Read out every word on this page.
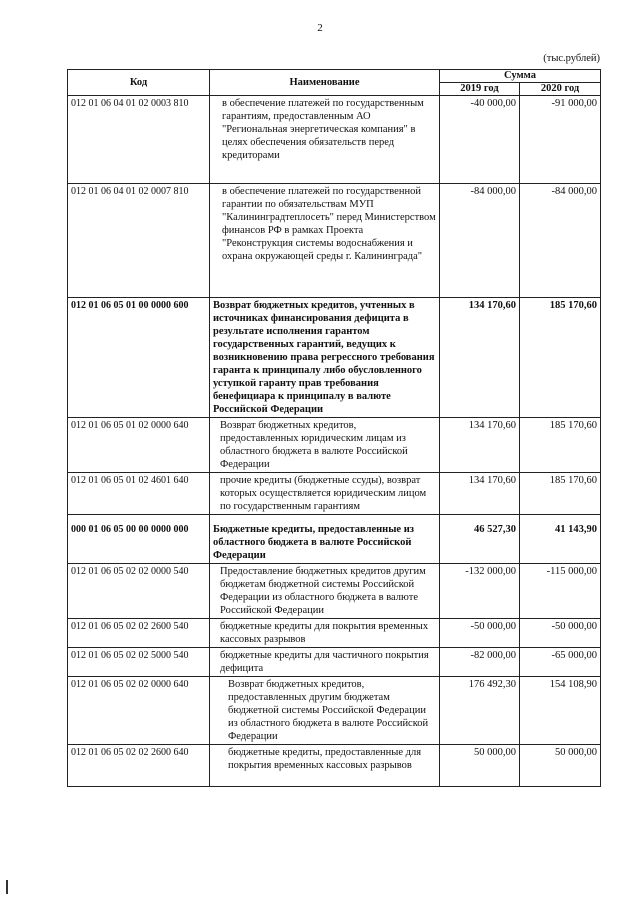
2
(тыс.рублей)
Код	Наименование	Сумма	
		2019 год	2020 год
012 01 06 04 01 02 0003 810	в обеспечение платежей по государственным гарантиям, предоставленным АО "Региональная энергетическая компания" в целях обеспечения обязательств перед кредиторами	-40 000,00	-91 000,00
012 01 06 04 01 02 0007 810	в обеспечение платежей по государственной гарантии по обязательствам МУП "Калининградтеплосеть" перед Министерством финансов РФ в рамках Проекта "Реконструкция системы водоснабжения и охрана окружающей среды г. Калининграда"	-84 000,00	-84 000,00
012 01 06 05 01 00 0000 600	Возврат бюджетных кредитов, учтенных в источниках финансирования дефицита в результате исполнения гарантом государственных гарантий, ведущих к возникновению права регрессного требования гаранта к принципалу либо обусловленного уступкой гаранту прав требования бенефициара к принципалу в валюте Российской Федерации	134 170,60	185 170,60
012 01 06 05 01 02 0000 640	Возврат бюджетных кредитов, предоставленных юридическим лицам из областного бюджета в валюте Российской Федерации	134 170,60	185 170,60
012 01 06 05 01 02 4601 640	прочие кредиты (бюджетные ссуды), возврат которых осуществляется юридическим лицом по государственным гарантиям	134 170,60	185 170,60
000 01 06 05 00 00 0000 000	Бюджетные кредиты, предоставленные из областного бюджета в валюте Российской Федерации	46 527,30	41 143,90
012 01 06 05 02 02 0000 540	Предоставление бюджетных кредитов другим бюджетам бюджетной системы Российской Федерации из областного бюджета в валюте Российской Федерации	-132 000,00	-115 000,00
012 01 06 05 02 02 2600 540	бюджетные кредиты для покрытия временных кассовых разрывов	-50 000,00	-50 000,00
012 01 06 05 02 02 5000 540	бюджетные кредиты для частичного покрытия дефицита	-82 000,00	-65 000,00
012 01 06 05 02 02 0000 640	Возврат бюджетных кредитов, предоставленных другим бюджетам бюджетной системы Российской Федерации из областного бюджета в валюте Российской Федерации	176 492,30	154 108,90
012 01 06 05 02 02 2600 640	бюджетные кредиты, предоставленные для покрытия временных кассовых разрывов	50 000,00	50 000,00
